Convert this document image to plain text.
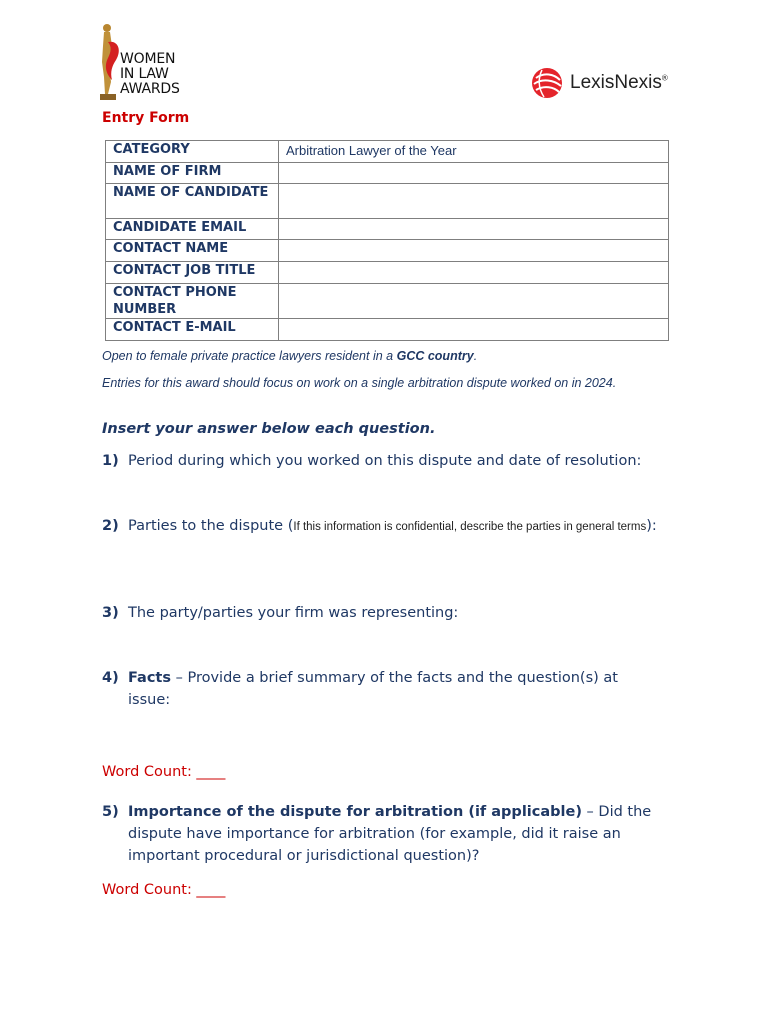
WOMEN
IN LAW
AWARDS	LexisNexis®
Entry Form
CATEGORY	Arbitration Lawyer of the Year
NAME OF FIRM	
NAME OF CANDIDATE	
CANDIDATE EMAIL	
CONTACT NAME	
CONTACT JOB TITLE	
CONTACT PHONE NUMBER	
CONTACT E-MAIL	
Open to female private practice lawyers resident in a GCC country.
Entries for this award should focus on work on a single arbitration dispute worked on in 2024.
Insert your answer below each question.
1) Period during which you worked on this dispute and date of resolution:
2) Parties to the dispute (If this information is confidential, describe the parties in general terms):
3) The party/parties your firm was representing:
4) Facts – Provide a brief summary of the facts and the question(s) at issue:
Word Count: ____
5) Importance of the dispute for arbitration (if applicable) – Did the dispute have importance for arbitration (for example, did it raise an important procedural or jurisdictional question)?
Word Count: ____
